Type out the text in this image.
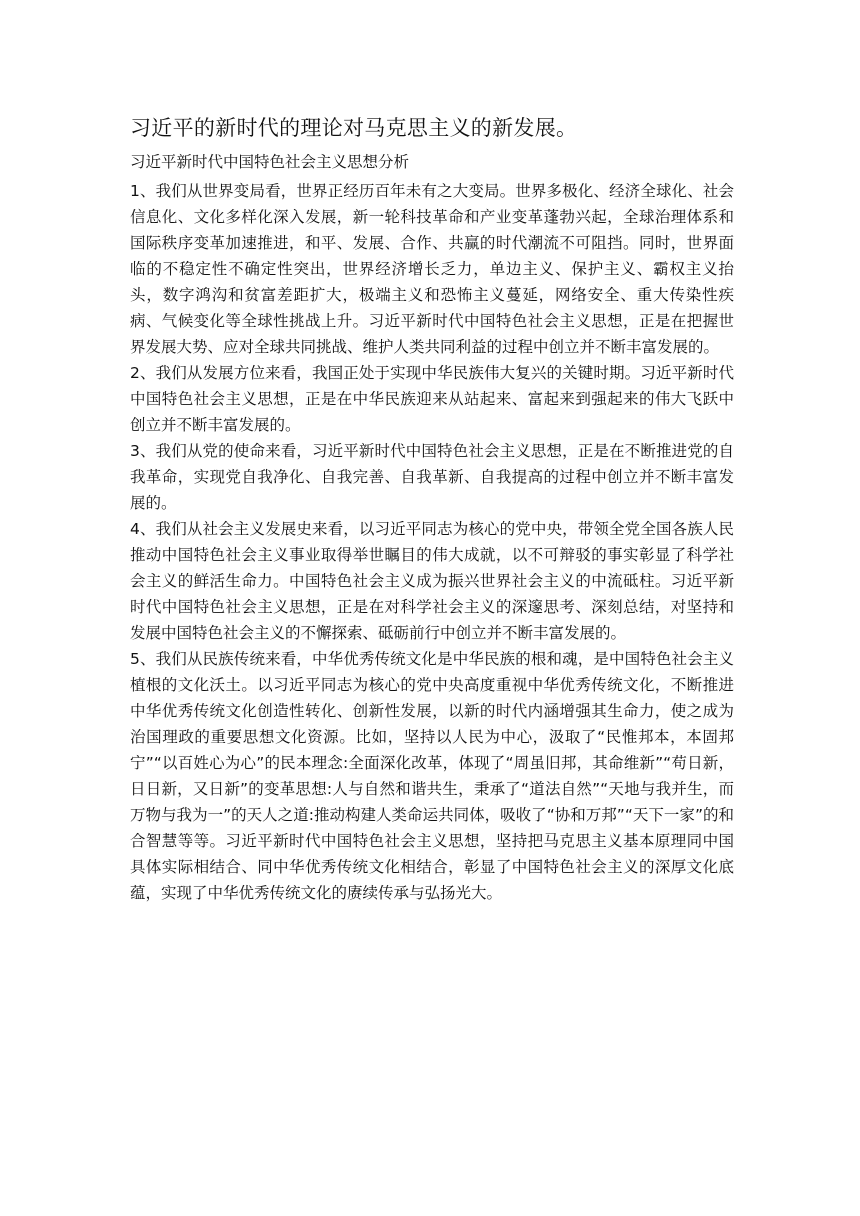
习近平的新时代的理论对马克思主义的新发展。

习近平新时代中国特色社会主义思想分析

1、我们从世界变局看，世界正经历百年未有之大变局。世界多极化、经济全球化、社会信息化、文化多样化深入发展，新一轮科技革命和产业变革蓬勃兴起，全球治理体系和国际秩序变革加速推进，和平、发展、合作、共赢的时代潮流不可阻挡。同时，世界面临的不稳定性不确定性突出，世界经济增长乏力，单边主义、保护主义、霸权主义抬头，数字鸿沟和贫富差距扩大，极端主义和恐怖主义蔓延，网络安全、重大传染性疾病、气候变化等全球性挑战上升。习近平新时代中国特色社会主义思想，正是在把握世界发展大势、应对全球共同挑战、维护人类共同利益的过程中创立并不断丰富发展的。

2、我们从发展方位来看，我国正处于实现中华民族伟大复兴的关键时期。习近平新时代中国特色社会主义思想，正是在中华民族迎来从站起来、富起来到强起来的伟大飞跃中创立并不断丰富发展的。

3、我们从党的使命来看，习近平新时代中国特色社会主义思想，正是在不断推进党的自我革命，实现党自我净化、自我完善、自我革新、自我提高的过程中创立并不断丰富发展的。

4、我们从社会主义发展史来看，以习近平同志为核心的党中央，带领全党全国各族人民推动中国特色社会主义事业取得举世瞩目的伟大成就，以不可辩驳的事实彰显了科学社会主义的鲜活生命力。中国特色社会主义成为振兴世界社会主义的中流砥柱。习近平新时代中国特色社会主义思想，正是在对科学社会主义的深邃思考、深刻总结，对坚持和发展中国特色社会主义的不懈探索、砥砺前行中创立并不断丰富发展的。

5、我们从民族传统来看，中华优秀传统文化是中华民族的根和魂，是中国特色社会主义植根的文化沃土。以习近平同志为核心的党中央高度重视中华优秀传统文化，不断推进中华优秀传统文化创造性转化、创新性发展，以新的时代内涵增强其生命力，使之成为治国理政的重要思想文化资源。比如，坚持以人民为中心，汲取了“民惟邦本，本固邦宁”“以百姓心为心”的民本理念:全面深化改革，体现了“周虽旧邦，其命维新”“苟日新，日日新，又日新”的变革思想:人与自然和谐共生，秉承了“道法自然”“天地与我并生，而万物与我为一”的天人之道:推动构建人类命运共同体，吸收了“协和万邦”“天下一家”的和合智慧等等。习近平新时代中国特色社会主义思想，坚持把马克思主义基本原理同中国具体实际相结合、同中华优秀传统文化相结合，彰显了中国特色社会主义的深厚文化底蕴，实现了中华优秀传统文化的赓续传承与弘扬光大。
